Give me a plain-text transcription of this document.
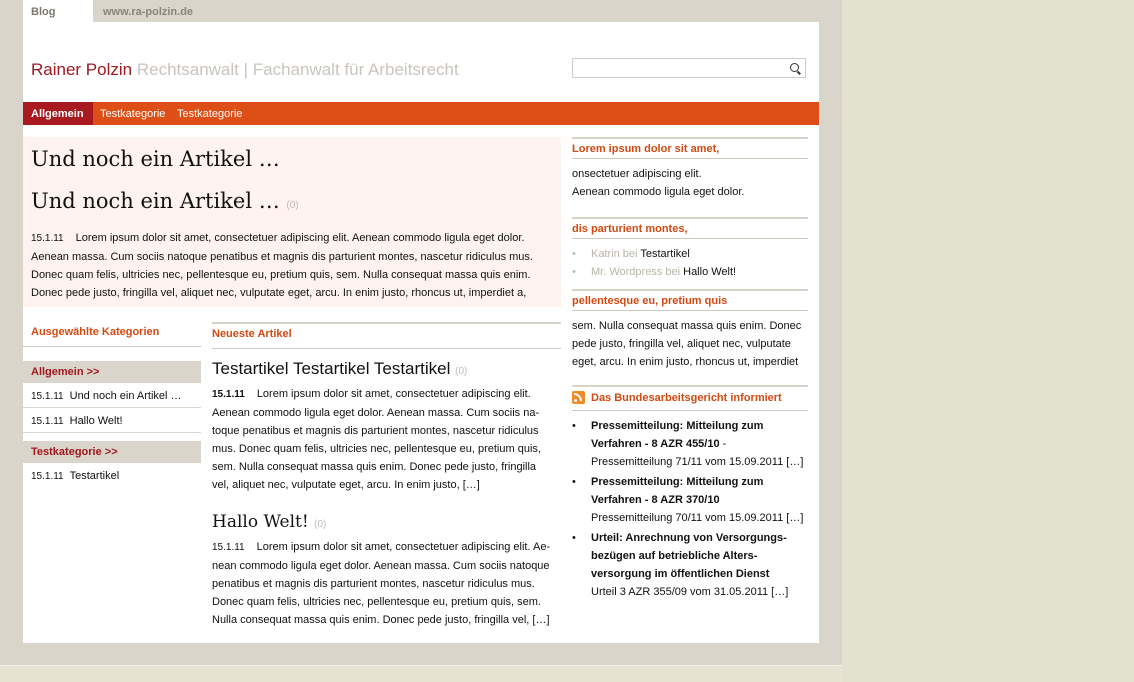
Blog	www.ra-polzin.de
Rainer Polzin Rechtsanwalt | Fachanwalt für Arbeitsrecht
Allgemein	Testkategorie Testkategorie
Und noch ein Artikel …
Und noch ein Artikel … (0)
15.1.11 Lorem ipsum dolor sit amet, consectetuer adipiscing elit. Aenean commodo ligula eget dolor.
Aenean massa. Cum sociis natoque penatibus et magnis dis parturient montes, nascetur ridiculus mus.
Donec quam felis, ultricies nec, pellentesque eu, pretium quis, sem. Nulla consequat massa quis enim.
Donec pede justo, fringilla vel, aliquet nec, vulputate eget, arcu. In enim justo, rhoncus ut, imperdiet a,
Ausgewählte Kategorien
Allgemein >>
15.1.11 Und noch ein Artikel …
15.1.11 Hallo Welt!
Testkategorie >>
15.1.11 Testartikel
Neueste Artikel
Testartikel Testartikel Testartikel (0)
15.1.11 Lorem ipsum dolor sit amet, consectetuer adipiscing elit.
Aenean commodo ligula eget dolor. Aenean massa. Cum sociis na-
toque penatibus et magnis dis parturient montes, nascetur ridiculus
mus. Donec quam felis, ultricies nec, pellentesque eu, pretium quis,
sem. Nulla consequat massa quis enim. Donec pede justo, fringilla
vel, aliquet nec, vulputate eget, arcu. In enim justo, […]
Hallo Welt! (0)
15.1.11 Lorem ipsum dolor sit amet, consectetuer adipiscing elit. Ae-
nean commodo ligula eget dolor. Aenean massa. Cum sociis natoque
penatibus et magnis dis parturient montes, nascetur ridiculus mus.
Donec quam felis, ultricies nec, pellentesque eu, pretium quis, sem.
Nulla consequat massa quis enim. Donec pede justo, fringilla vel, […]
Lorem ipsum dolor sit amet,
onsectetuer adipiscing elit.
Aenean commodo ligula eget dolor.
dis parturient montes,
• Katrin bei Testartikel
• Mr. Wordpress bei Hallo Welt!
pellentesque eu, pretium quis
sem. Nulla consequat massa quis enim. Donec
pede justo, fringilla vel, aliquet nec, vulputate
eget, arcu. In enim justo, rhoncus ut, imperdiet
Das Bundesarbeitsgericht informiert
• Pressemitteilung: Mitteilung zum
Verfahren - 8 AZR 455/10 -
Pressemitteilung 71/11 vom 15.09.2011 […]
• Pressemitteilung: Mitteilung zum
Verfahren - 8 AZR 370/10
Pressemitteilung 70/11 vom 15.09.2011 […]
• Urteil: Anrechnung von Versorgungs-
bezügen auf betriebliche Alters-
versorgung im öffentlichen Dienst
Urteil 3 AZR 355/09 vom 31.05.2011 […]
